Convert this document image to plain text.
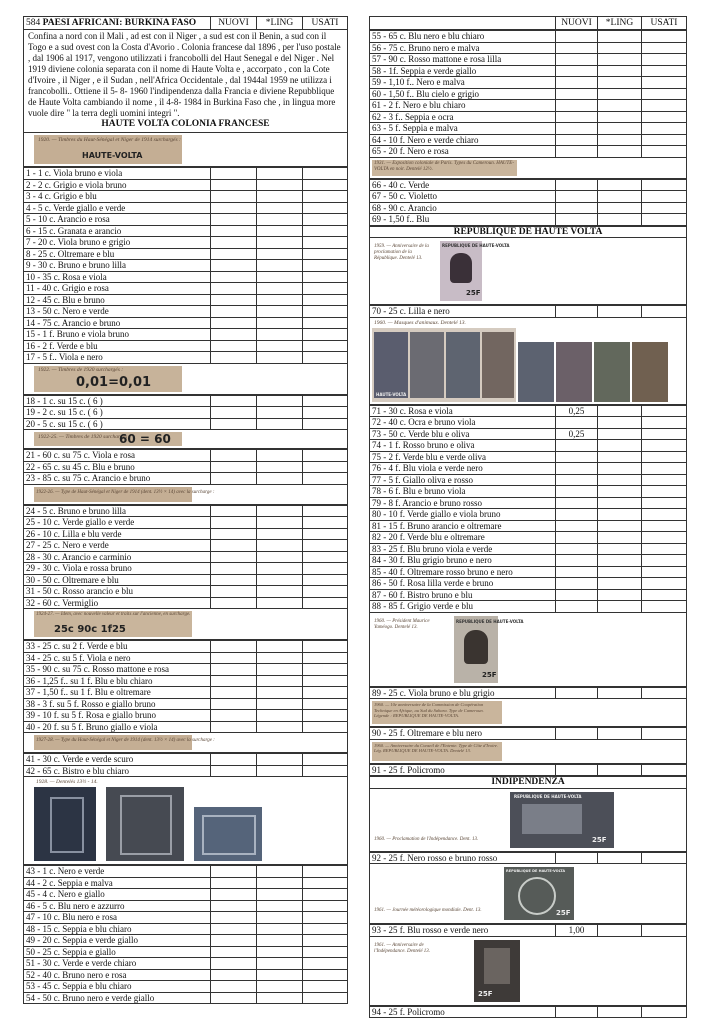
584 PAESI AFRICANI: BURKINA FASO	NUOVI	*LING	USATI
Confina a nord con il Mali , ad est con il Niger , a sud est con il Benin, a sud con il Togo e a sud ovest con la Costa d'Avorio . Colonia francese dal 1896 , per l'uso postale , dal 1906 al 1917, vengono utilizzati i francobolli del Haut Senegal e del Niger . Nel 1919 diviene colonia separata con il nome di Haute Volta e , accorpato , con la Cote d'Ivoire , il Niger , e il Sudan , nell'Africa Occidentale , dal 1944al 1959 ne utilizza i francobolli.. Ottiene il 5- 8- 1960 l'indipendenza dalla Francia e diviene Repubblique de Haute Volta cambiando il nome , il 4-8- 1984 in Burkina Faso che , in lingua more vuole dire " la terra degli uomini integri ".
HAUTE VOLTA COLONIA FRANCESE
1920. — Timbres du Haut-Sénégal et Niger de 1914 surchargés :
HAUTE-VOLTA
1 - 1 c. Viola bruno e viola			
2 - 2 c. Grigio e viola bruno			
3 - 4 c. Grigio e blu			
4 - 5 c. Verde giallo e verde			
5 - 10 c. Arancio e rosa			
6 - 15 c. Granata e arancio			
7 - 20 c. Viola bruno e grigio			
8 - 25 c. Oltremare e blu			
9 - 30 c. Bruno e bruno lilla			
10 - 35 c. Rosa e viola			
11 - 40 c. Grigio e rosa			
12 - 45 c. Blu e bruno			
13 - 50 c. Nero e verde			
14 - 75 c. Arancio e bruno			
15 - 1 f. Bruno e viola bruno			
16 - 2 f. Verde e blu			
17 - 5 f.. Viola e nero			
1922. — Timbres de 1920 surchargés :
0,01=0,01
18 - 1 c. su 15 c. ( 6 )			
19 - 2 c. su 15 c. ( 6 )			
20 - 5 c. su 15 c. ( 6 )			
1922-25. — Timbres de 1920 surchargés :
60 = 60
21 - 60 c. su 75 c. Viola e rosa			
22 - 65 c. su 45 c. Blu e bruno			
23 - 85 c. su 75 c. Arancio e bruno			
1922-26. — Type de Haut-Sénégal et Niger de 1914 (dent. 13½ × 14) avec la surcharge :
24 - 5 c. Bruno e bruno lilla			
25 - 10 c. Verde giallo e verde			
26 - 10 c. Lilla e blu verde			
27 - 25 c. Nero e verde			
28 - 30 c. Arancio e carminio			
29 - 30 c. Viola e rossa bruno			
30 - 50 c. Oltremare e blu			
31 - 50 c. Rosso arancio e blu			
32 - 60 c. Vermiglio			
1924-27. — Idem, avec nouvelle valeur et traits sur l'ancienne, en surcharge.
25c 90c 1f25
33 - 25 c. su 2 f. Verde e blu			
34 - 25 c. su 5 f. Viola e nero			
35 - 90 c. su 75 c. Rosso mattone e rosa			
36 - 1,25 f.. su 1 f. Blu e blu chiaro			
37 - 1,50 f.. su 1 f. Blu e oltremare			
38 - 3 f. su 5 f. Rosso e giallo bruno			
39 - 10 f. su 5 f. Rosa e giallo bruno			
40 - 20 f. su 5 f. Bruno giallo e viola			
1927-28. — Type du Haut-Sénégal et Niger de 1914 (dent. 13½ × 14) avec la surcharge :
41 - 30 c. Verde e verde scuro			
42 - 65 c. Bistro e blu chiaro			
1928. — Dentelés 13½ - 14.
43 - 1 c. Nero e verde			
44 - 2 c. Seppia e malva			
45 - 4 c. Nero e giallo			
46 - 5 c. Blu nero e azzurro			
47 - 10 c. Blu nero e rosa			
48 - 15 c. Seppia e blu chiaro			
49 - 20 c. Seppia e verde giallo			
50 - 25 c. Seppia e giallo			
51 - 30 c. Verde e verde chiaro			
52 - 40 c. Bruno nero e rosa			
53 - 45 c. Seppia e blu chiaro			
54 - 50 c. Bruno nero e verde giallo			
	NUOVI	*LING	USATI
55 - 65 c. Blu nero e blu chiaro			
56 - 75 c. Bruno nero e malva			
57 - 90 c. Rosso mattone e rosa lilla			
58 - 1f. Seppia e verde giallo			
59 - 1,10 f.. Nero e malva			
60 - 1,50 f.. Blu cielo e grigio			
61 - 2 f. Nero e blu chiaro			
62 - 3 f.. Seppia e ocra			
63 - 5 f. Seppia e malva			
64 - 10 f. Nero e verde chiaro			
65 - 20 f. Nero e rosa			
1931. — Exposition coloniale de Paris. Types du Cameroun. HAUTE-VOLTA en noir. Dentelé 12½.
66 - 40 c. Verde			
67 - 50 c. Violetto			
68 - 90 c. Arancio			
69 - 1,50 f.. Blu			
REPUBLIQUE DE HAUTE VOLTA
1959. — Anniversaire de la proclamation de la République. Dentelé 13.
REPUBLIQUE DE HAUTE-VOLTA
25F
70 - 25 c. Lilla e nero			
1960. — Masques d'animaux. Dentelé 13.
HAUTE-VOLTA
71 - 30 c. Rosa e viola	0,25		
72 - 40 c. Ocra e bruno viola			
73 - 50 c. Verde blu e oliva	0,25		
74 - 1 f. Rosso bruno e oliva			
75 - 2 f. Verde blu e verde oliva			
76 - 4 f. Blu viola e verde nero			
77 - 5 f. Giallo oliva e rosso			
78 - 6 f. Blu e bruno viola			
79 - 8 f. Arancio e bruno rosso			
80 - 10 f. Verde giallo e viola bruno			
81 - 15 f. Bruno arancio e oltremare			
82 - 20 f. Verde blu e oltremare			
83 - 25 f. Blu bruno viola e verde			
84 - 30 f. Blu grigio bruno e nero			
85 - 40 f. Oltremare rosso bruno e nero			
86 - 50 f. Rosa lilla verde e bruno			
87 - 60 f. Bistro bruno e blu			
88 - 85 f. Grigio verde e blu			
1960. — Président Maurice Yaméogo. Dentelé 13.
REPUBLIQUE DE HAUTE-VOLTA
25F
89 - 25 c. Viola bruno e blu grigio			
1960. — 10e anniversaire de la Commission de Coopération Technique en Afrique, au Sud du Sahara. Type de Cameroun. Légende : REPUBLIQUE DE HAUTE-VOLTA.
90 - 25 f. Oltremare e blu nero			
1960. — Anniversaire du Conseil de l'Entente. Type de Côte d'Ivoire. Lég. REPUBLIQUE DE HAUTE-VOLTA. Dentelé 13.
91 - 25 f. Policromo			
INDIPENDENZA
1960. — Proclamation de l'Indépendance. Dent. 13.
REPUBLIQUE DE HAUTE-VOLTA
25F
92 - 25 f. Nero rosso e bruno rosso			
1961. — Journée météorologique mondiale. Dent. 13.
REPUBLIQUE DE HAUTE-VOLTA
25F
93 - 25 f. Blu rosso e verde nero	1,00		
1961. — Anniversaire de l'Indépendance. Dentelé 13.
25F
94 - 25 f. Policromo			
